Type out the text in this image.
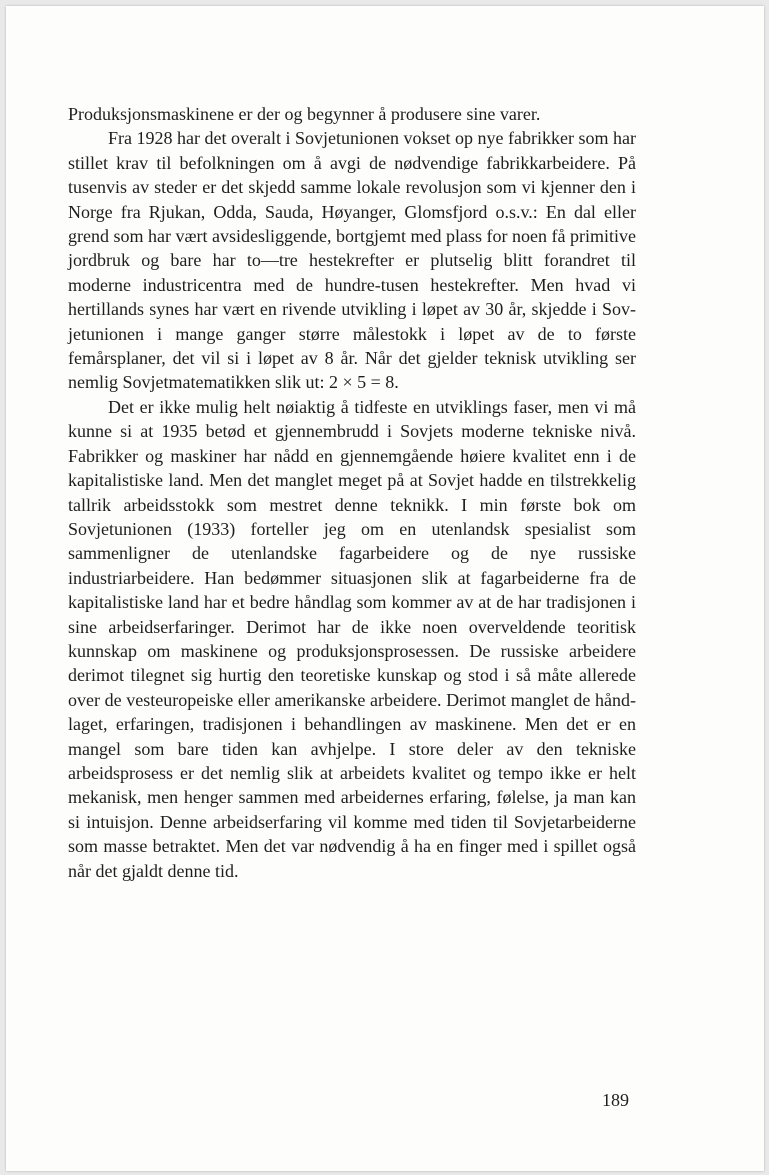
Produksjonsmaskinene er der og begynner å produsere sine varer.

Fra 1928 har det overalt i Sovjetunionen vokset op nye fabrikker som har stillet krav til befolkningen om å avgi de nødvendige fabrikkarbeidere. På tusenvis av steder er det skjedd samme lokale revolusjon som vi kjenner den i Norge fra Rjukan, Odda, Sauda, Høyanger, Glomsfjord o.s.v.: En dal eller grend som har vært avsidesliggende, bortgjemt med plass for noen få primitive jordbruk og bare har to—tre hestekrefter er plutselig blitt forandret til moderne industricentra med de hundre-tusen hestekrefter. Men hvad vi hertillands synes har vært en rivende utvikling i løpet av 30 år, skjedde i Sovjetunionen i mange ganger større målestokk i løpet av de to første femårsplaner, det vil si i løpet av 8 år. Når det gjelder teknisk utvikling ser nemlig Sovjetmatematikken slik ut: 2 × 5 = 8.

Det er ikke mulig helt nøiaktig å tidfeste en utviklings faser, men vi må kunne si at 1935 betød et gjennembrudd i Sovjets moderne tekniske nivå. Fabrikker og maskiner har nådd en gjennemgående høiere kvalitet enn i de kapitalistiske land. Men det manglet meget på at Sovjet hadde en tilstrekkelig tallrik arbeidsstokk som mestret denne teknikk. I min første bok om Sovjetunionen (1933) forteller jeg om en utenlandsk spesialist som sammenligner de utenlandske fagarbeidere og de nye russiske industriarbeidere. Han bedømmer situasjonen slik at fagarbeiderne fra de kapitalistiske land har et bedre håndlag som kommer av at de har tradisjonen i sine arbeidserfaringer. Derimot har de ikke noen overveldende teoritisk kunnskap om maskinene og produksjonsprosessen. De russiske arbeidere derimot tilegnet sig hurtig den teoretiske kunskap og stod i så måte allerede over de vesteuropeiske eller amerikanske arbeidere. Derimot manglet de håndlaget, erfaringen, tradisjonen i behandlingen av maskinene. Men det er en mangel som bare tiden kan avhjelpe. I store deler av den tekniske arbeidsprosess er det nemlig slik at arbeidets kvalitet og tempo ikke er helt mekanisk, men henger sammen med arbeidernes erfaring, følelse, ja man kan si intuisjon. Denne arbeidserfaring vil komme med tiden til Sovjetarbeiderne som masse betraktet. Men det var nødvendig å ha en finger med i spillet også når det gjaldt denne tid.

189
